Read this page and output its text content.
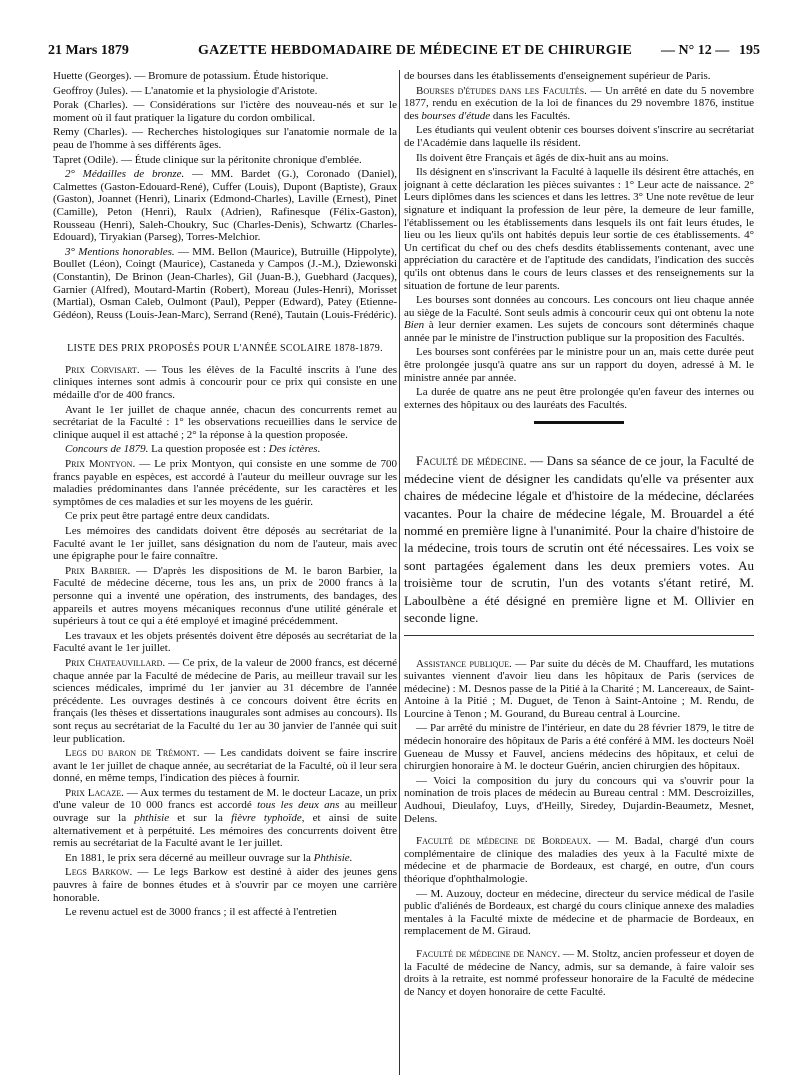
21 Mars 1879	GAZETTE HEBDOMADAIRE DE MÉDECINE ET DE CHIRURGIE — N° 12 — 195

Huette (Georges). — Bromure de potassium. Étude historique.

Geoffroy (Jules). — L'anatomie et la physiologie d'Aristote.

Porak (Charles). — Considérations sur l'ictère des nouveau-nés et sur le moment où il faut pratiquer la ligature du cordon ombilical.

Remy (Charles). — Recherches histologiques sur l'anatomie normale de la peau de l'homme à ses différents âges.

Tapret (Odile). — Étude clinique sur la péritonite chronique d'emblée.

2° Médailles de bronze. — MM. Bardet (G.), Coronado (Daniel), Calmettes (Gaston-Edouard-René), Cuffer (Louis), Dupont (Baptiste), Graux (Gaston), Joannet (Henri), Linarix (Edmond-Charles), Laville (Ernest), Pinet (Camille), Peton (Henri), Raulx (Adrien), Rafinesque (Félix-Gaston), Rousseau (Henri), Saleh-Choukry, Suc (Charles-Denis), Schwartz (Charles-Edouard), Tiryakian (Parseg), Torres-Melchior.

3° Mentions honorables. — MM. Bellon (Maurice), Butruille (Hippolyte), Boullet (Léon), Coingt (Maurice), Castaneda y Campos (J.-M.), Dziewonski (Constantin), De Brinon (Jean-Charles), Gil (Juan-B.), Guebhard (Jacques), Garnier (Alfred), Moutard-Martin (Robert), Moreau (Jules-Henri), Morisset (Martial), Osman Caleb, Oulmont (Paul), Pepper (Edward), Patey (Etienne-Gédéon), Reuss (Louis-Jean-Marc), Serrand (René), Tautain (Louis-Frédéric).

LISTE DES PRIX PROPOSÉS POUR L'ANNÉE SCOLAIRE 1878-1879.

Prix Corvisart. — Tous les élèves de la Faculté inscrits à l'une des cliniques internes sont admis à concourir pour ce prix qui consiste en une médaille d'or de 400 francs.

Avant le 1er juillet de chaque année, chacun des concurrents remet au secrétariat de la Faculté : 1° les observations recueillies dans le service de clinique auquel il est attaché ; 2° la réponse à la question proposée.

Concours de 1879. La question proposée est : Des ictères.

Prix Montyon. — Le prix Montyon, qui consiste en une somme de 700 francs payable en espèces, est accordé à l'auteur du meilleur ouvrage sur les maladies prédominantes dans l'année précédente, sur les caractères et les symptômes de ces maladies et sur les moyens de les guérir.

Ce prix peut être partagé entre deux candidats.

Les mémoires des candidats doivent être déposés au secrétariat de la Faculté avant le 1er juillet, sans désignation du nom de l'auteur, mais avec une épigraphe pour le faire connaître.

Prix Barbier. — D'après les dispositions de M. le baron Barbier, la Faculté de médecine décerne, tous les ans, un prix de 2000 francs à la personne qui a inventé une opération, des instruments, des bandages, des appareils et autres moyens mécaniques reconnus d'une utilité générale et supérieurs à tout ce qui a été employé et imaginé précédemment.

Les travaux et les objets présentés doivent être déposés au secrétariat de la Faculté avant le 1er juillet.

Prix Chateauvillard. — Ce prix, de la valeur de 2000 francs, est décerné chaque année par la Faculté de médecine de Paris, au meilleur travail sur les sciences médicales, imprimé du 1er janvier au 31 décembre de l'année précédente. Les ouvrages destinés à ce concours doivent être écrits en français (les thèses et dissertations inaugurales sont admises au concours). Ils sont reçus au secrétariat de la Faculté du 1er au 30 janvier de l'année qui suit leur publication.

Legs du baron de Trémont. — Les candidats doivent se faire inscrire avant le 1er juillet de chaque année, au secrétariat de la Faculté, où il leur sera donné, en même temps, l'indication des pièces à fournir.

Prix Lacaze. — Aux termes du testament de M. le docteur Lacaze, un prix d'une valeur de 10 000 francs est accordé tous les deux ans au meilleur ouvrage sur la phthisie et sur la fièvre typhoïde, et ainsi de suite alternativement et à perpétuité. Les mémoires des concurrents doivent être remis au secrétariat de la Faculté avant le 1er juillet.

En 1881, le prix sera décerné au meilleur ouvrage sur la Phthisie.

Legs Barkow. — Le legs Barkow est destiné à aider des jeunes gens pauvres à faire de bonnes études et à s'ouvrir par ce moyen une carrière honorable.

Le revenu actuel est de 3000 francs ; il est affecté à l'entretien

de bourses dans les établissements d'enseignement supérieur de Paris.

Bourses d'études dans les Facultés. — Un arrêté en date du 5 novembre 1877, rendu en exécution de la loi de finances du 29 novembre 1876, institue des bourses d'étude dans les Facultés.

Les étudiants qui veulent obtenir ces bourses doivent s'inscrire au secrétariat de l'Académie dans laquelle ils résident.

Ils doivent être Français et âgés de dix-huit ans au moins.

Ils désignent en s'inscrivant la Faculté à laquelle ils désirent être attachés, en joignant à cette déclaration les pièces suivantes : 1° Leur acte de naissance. 2° Leurs diplômes dans les sciences et dans les lettres. 3° Une note revêtue de leur signature et indiquant la profession de leur père, la demeure de leur famille, l'établissement ou les établissements dans lesquels ils ont fait leurs études, le lieu ou les lieux qu'ils ont habités depuis leur sortie de ces établissements. 4° Un certificat du chef ou des chefs desdits établissements contenant, avec une appréciation du caractère et de l'aptitude des candidats, l'indication des succès qu'ils ont obtenus dans le cours de leurs classes et des renseignements sur la situation de fortune de leur parents.

Les bourses sont données au concours. Les concours ont lieu chaque année au siège de la Faculté. Sont seuls admis à concourir ceux qui ont obtenu la note Bien à leur dernier examen. Les sujets de concours sont déterminés chaque année par le ministre de l'instruction publique sur la proposition des Facultés.

Les bourses sont conférées par le ministre pour un an, mais cette durée peut être prolongée jusqu'à quatre ans sur un rapport du doyen, adressé à M. le ministre année par année.

La durée de quatre ans ne peut être prolongée qu'en faveur des internes ou externes des hôpitaux ou des lauréats des Facultés.

Faculté de médecine. — Dans sa séance de ce jour, la Faculté de médecine vient de désigner les candidats qu'elle va présenter aux chaires de médecine légale et d'histoire de la médecine, déclarées vacantes. Pour la chaire de médecine légale, M. Brouardel a été nommé en première ligne à l'unanimité. Pour la chaire d'histoire de la médecine, trois tours de scrutin ont été nécessaires. Les voix se sont partagées également dans les deux premiers votes. Au troisième tour de scrutin, l'un des votants s'étant retiré, M. Laboulbène a été désigné en première ligne et M. Ollivier en seconde ligne.

Assistance publique. — Par suite du décès de M. Chauffard, les mutations suivantes viennent d'avoir lieu dans les hôpitaux de Paris (services de médecine) : M. Desnos passe de la Pitié à la Charité ; M. Lancereaux, de Saint-Antoine à la Pitié ; M. Duguet, de Tenon à Saint-Antoine ; M. Rendu, de Lourcine à Tenon ; M. Gourand, du Bureau central à Lourcine.

— Par arrêté du ministre de l'intérieur, en date du 28 février 1879, le titre de médecin honoraire des hôpitaux de Paris a été conféré à MM. les docteurs Noël Gueneau de Mussy et Fauvel, anciens médecins des hôpitaux, et celui de chirurgien honoraire à M. le docteur Guérin, ancien chirurgien des hôpitaux.

— Voici la composition du jury du concours qui va s'ouvrir pour la nomination de trois places de médecin au Bureau central : MM. Descroizilles, Audhoui, Dieulafoy, Luys, d'Heilly, Siredey, Dujardin-Beaumetz, Mesnet, Delens.

Faculté de médecine de Bordeaux. — M. Badal, chargé d'un cours complémentaire de clinique des maladies des yeux à la Faculté mixte de médecine et de pharmacie de Bordeaux, est chargé, en outre, d'un cours théorique d'ophthalmologie.

— M. Auzouy, docteur en médecine, directeur du service médical de l'asile public d'aliénés de Bordeaux, est chargé du cours clinique annexe des maladies mentales à la Faculté mixte de médecine et de pharmacie de Bordeaux, en remplacement de M. Giraud.

Faculté de médecine de Nancy. — M. Stoltz, ancien professeur et doyen de la Faculté de médecine de Nancy, admis, sur sa demande, à faire valoir ses droits à la retraite, est nommé professeur honoraire de la Faculté de médecine de Nancy et doyen honoraire de cette Faculté.
